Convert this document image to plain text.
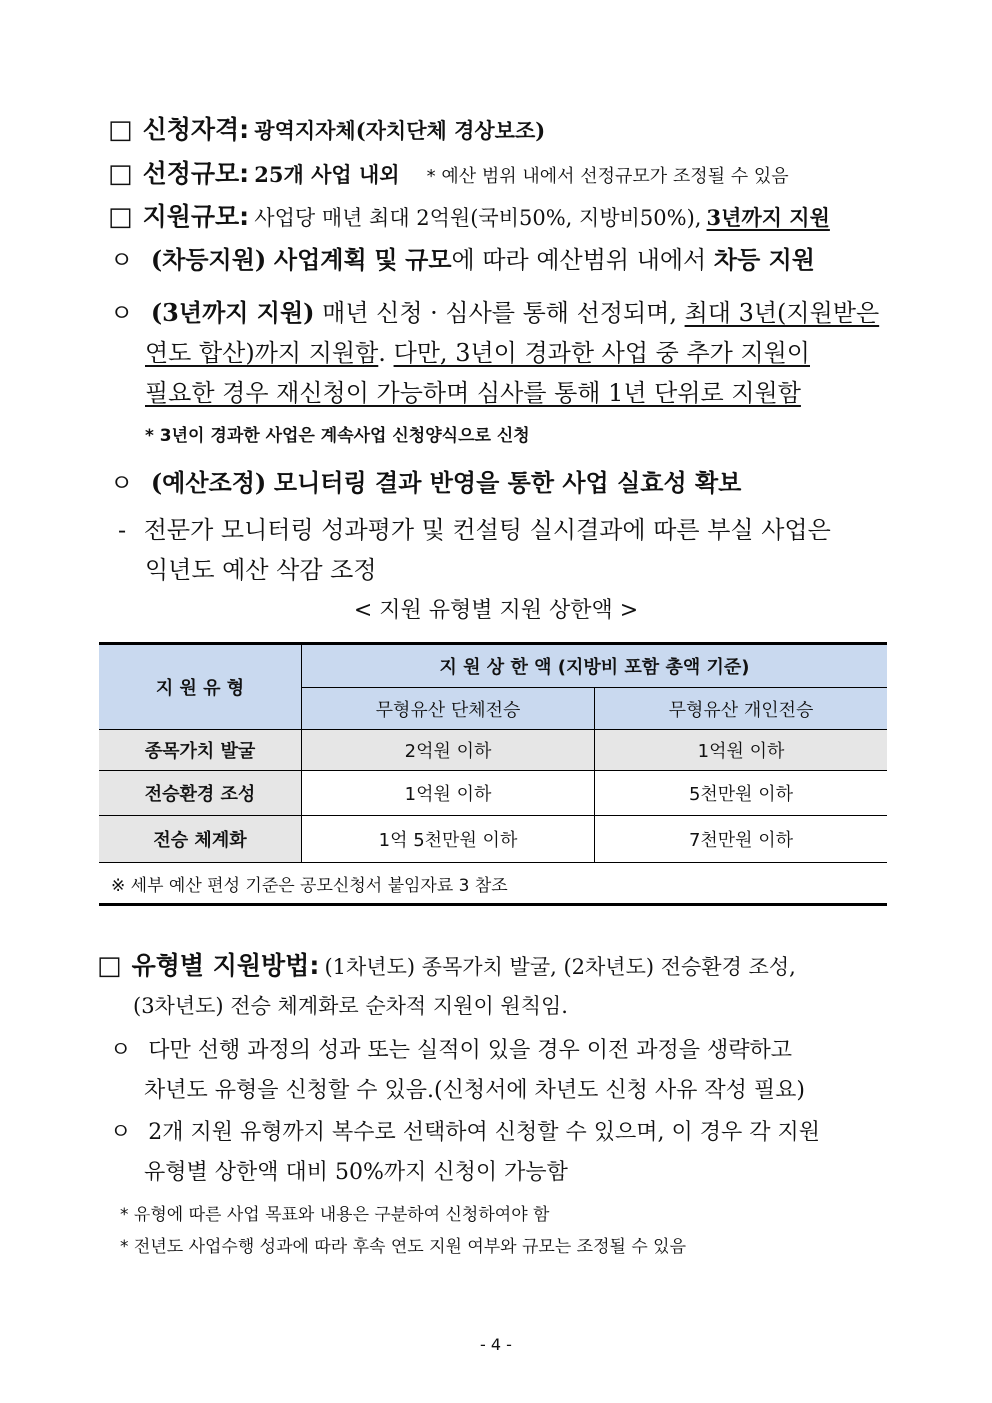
□ 신청자격: 광역지자체(자치단체 경상보조)
□ 선정규모: 25개 사업 내외 * 예산 범위 내에서 선정규모가 조정될 수 있음
□ 지원규모: 사업당 매년 최대 2억원(국비50%, 지방비50%), 3년까지 지원
ㅇ (차등지원) 사업계획 및 규모에 따라 예산범위 내에서 차등 지원
ㅇ (3년까지 지원) 매년 신청 · 심사를 통해 선정되며, 최대 3년(지원받은
연도 합산)까지 지원함. 다만, 3년이 경과한 사업 중 추가 지원이
필요한 경우 재신청이 가능하며 심사를 통해 1년 단위로 지원함
* 3년이 경과한 사업은 계속사업 신청양식으로 신청
ㅇ (예산조정) 모니터링 결과 반영을 통한 사업 실효성 확보
- 전문가 모니터링 성과평가 및 컨설팅 실시결과에 따른 부실 사업은
익년도 예산 삭감 조정
< 지원 유형별 지원 상한액 >
지 원 유 형	지 원 상 한 액 (지방비 포함 총액 기준)	
	무형유산 단체전승	무형유산 개인전승
종목가치 발굴	2억원 이하	1억원 이하
전승환경 조성	1억원 이하	5천만원 이하
전승 체계화	1억 5천만원 이하	7천만원 이하
※ 세부 예산 편성 기준은 공모신청서 붙임자료 3 참조
□ 유형별 지원방법: (1차년도) 종목가치 발굴, (2차년도) 전승환경 조성,
(3차년도) 전승 체계화로 순차적 지원이 원칙임.
ㅇ 다만 선행 과정의 성과 또는 실적이 있을 경우 이전 과정을 생략하고
차년도 유형을 신청할 수 있음.(신청서에 차년도 신청 사유 작성 필요)
ㅇ 2개 지원 유형까지 복수로 선택하여 신청할 수 있으며, 이 경우 각 지원
유형별 상한액 대비 50%까지 신청이 가능함
* 유형에 따른 사업 목표와 내용은 구분하여 신청하여야 함
* 전년도 사업수행 성과에 따라 후속 연도 지원 여부와 규모는 조정될 수 있음
- 4 -
